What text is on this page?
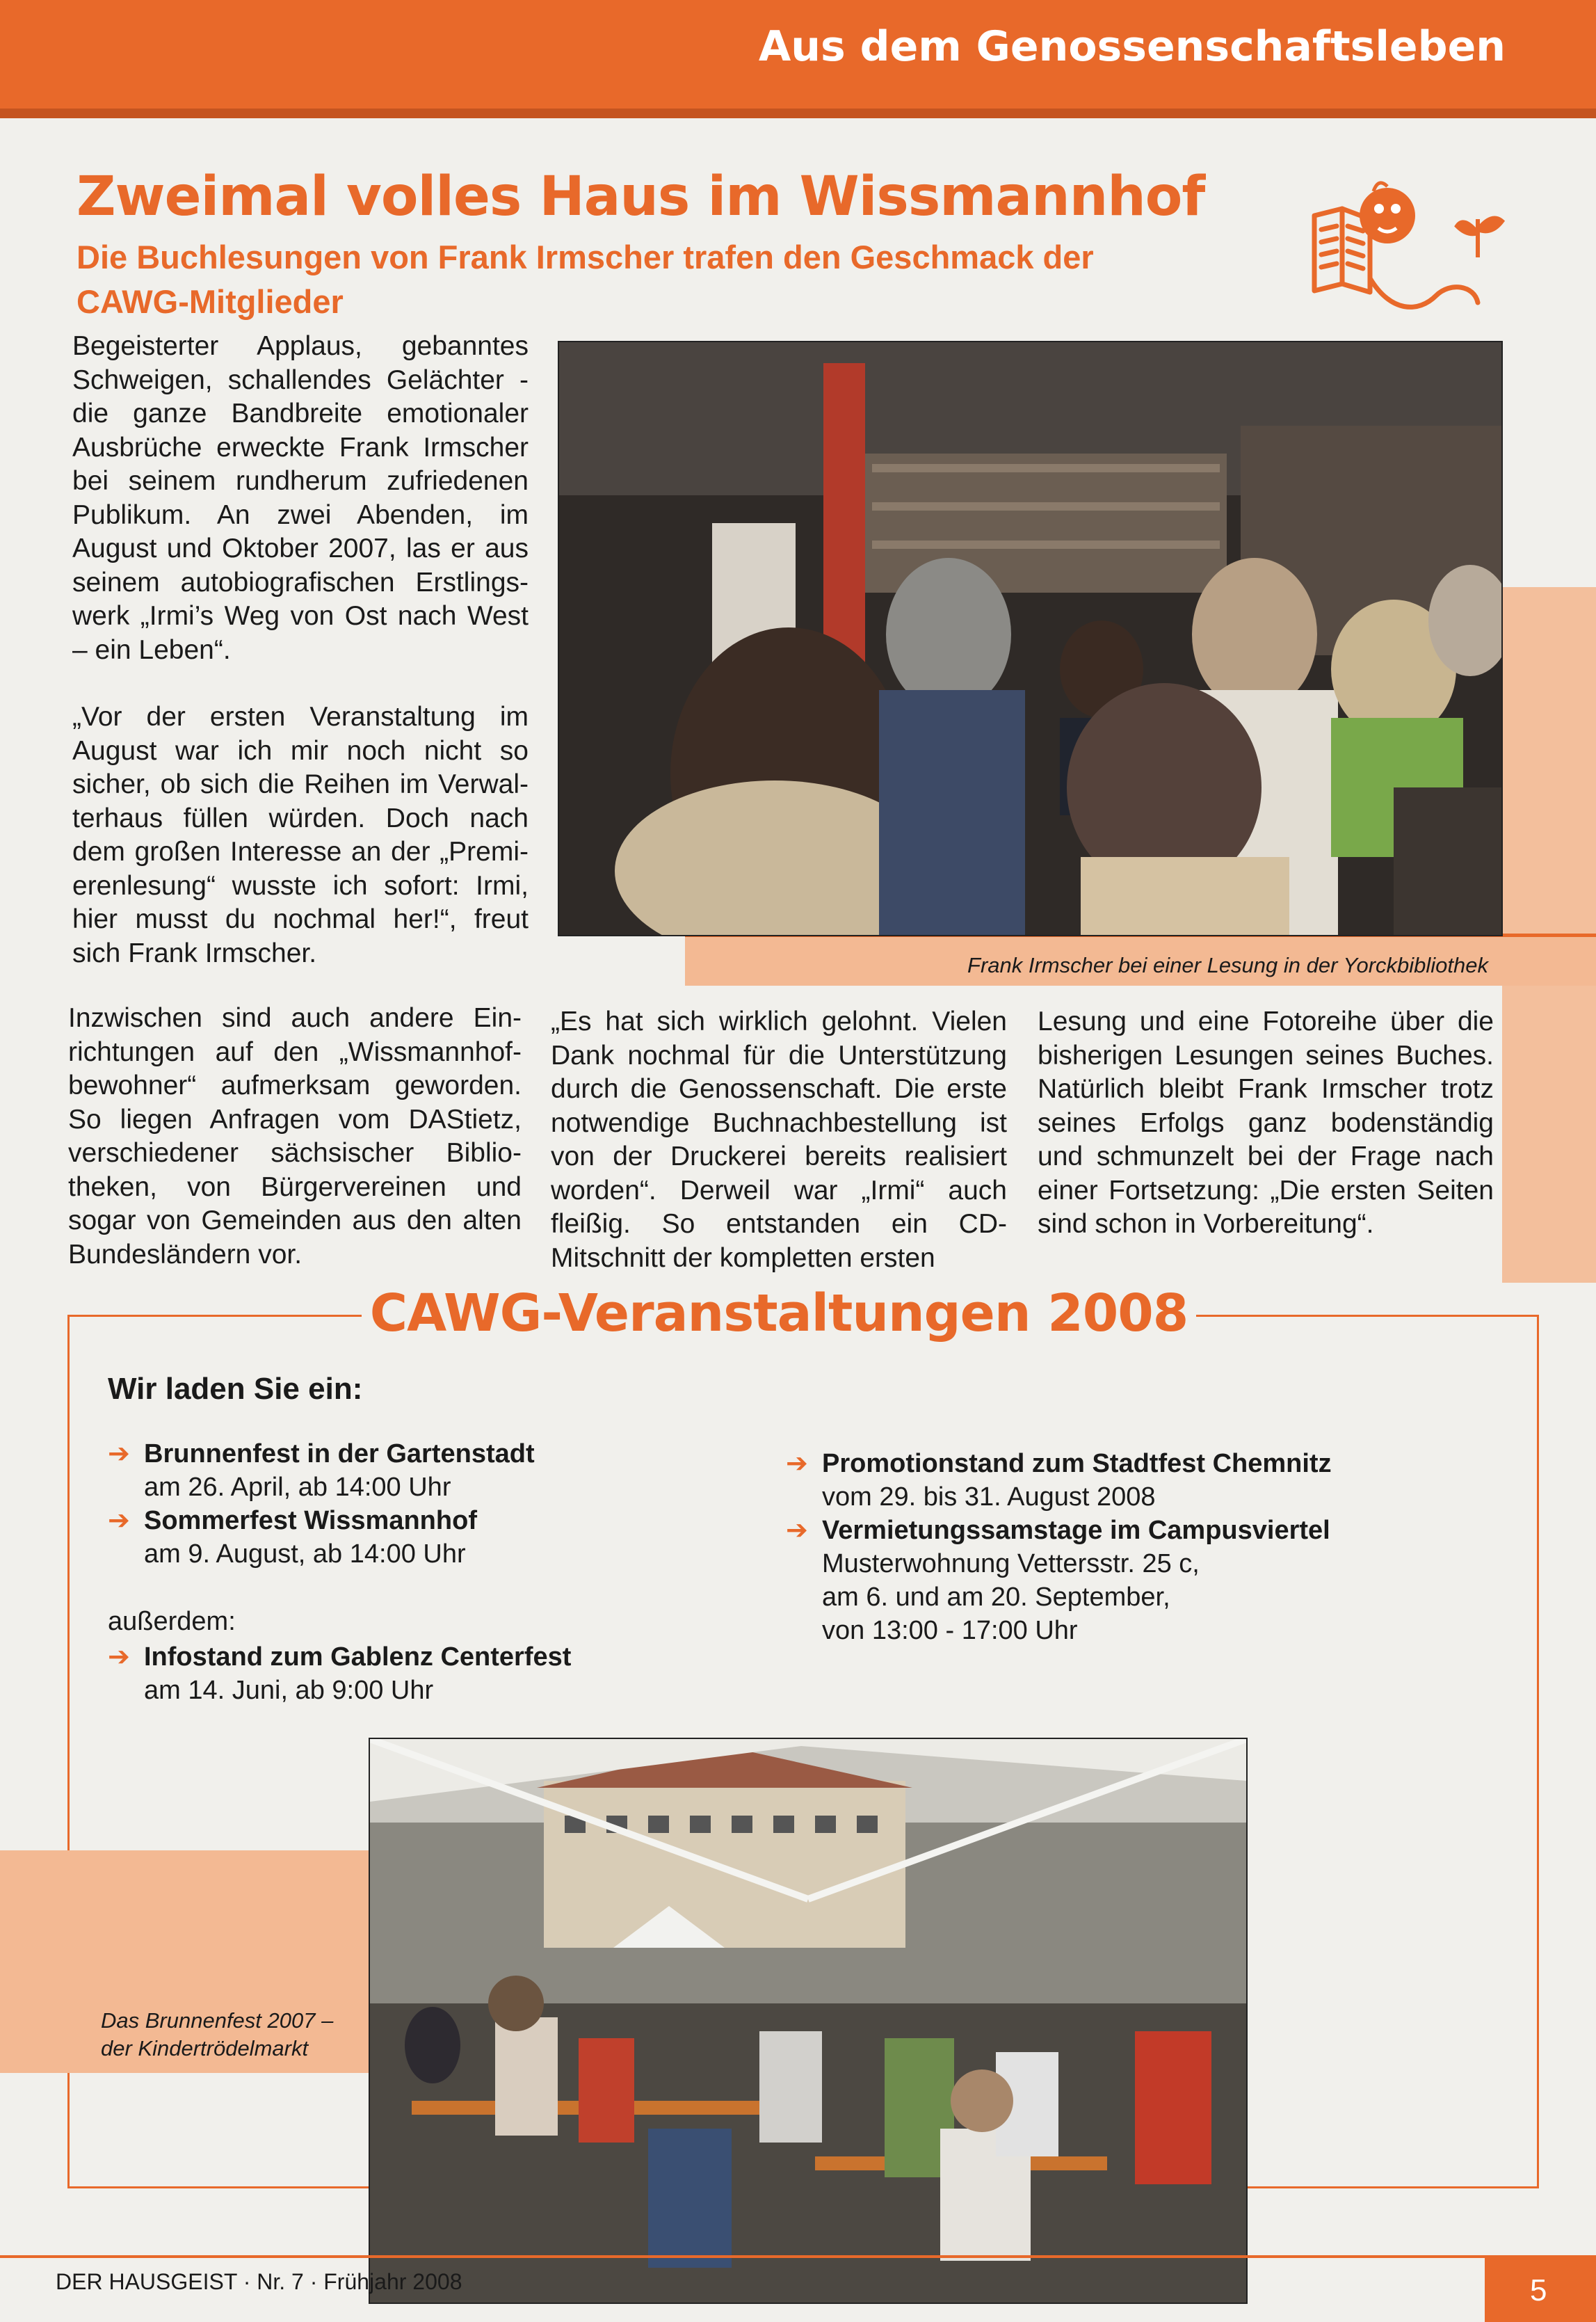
Aus dem Genossenschaftsleben
Zweimal volles Haus im Wissmannhof
Die Buchlesungen von Frank Irmscher trafen den Geschmack der CAWG-Mitglieder

Begeisterter Applaus, gebanntes Schweigen, schallendes Gelächter - die ganze Bandbreite emotionaler Ausbrüche erweckte Frank Irmscher bei seinem rundherum zufriedenen Publikum. An zwei Abenden, im August und Oktober 2007, las er aus seinem autobiografischen Erstlings-werk „Irmi’s Weg von Ost nach West – ein Leben“.

„Vor der ersten Veranstaltung im August war ich mir noch nicht so sicher, ob sich die Reihen im Verwal-terhaus füllen würden. Doch nach dem großen Interesse an der „Premi-erenlesung“ wusste ich sofort: Irmi, hier musst du nochmal her!“, freut sich Frank Irmscher.	Frank Irmscher bei einer Lesung in der Yorckbibliothek

Inzwischen sind auch andere Ein-richtungen auf den „Wissmannhof-bewohner“ aufmerksam geworden. So liegen Anfragen vom DAStietz, verschiedener sächsischer Biblio-theken, von Bürgervereinen und sogar von Gemeinden aus den alten Bundesländern vor.

„Es hat sich wirklich gelohnt. Vielen Dank nochmal für die Unterstützung durch die Genossenschaft. Die erste notwendige Buchnachbestellung ist von der Druckerei bereits realisiert worden“. Derweil war „Irmi“ auch fleißig. So entstanden ein CD-Mitschnitt der kompletten ersten

Lesung und eine Fotoreihe über die bisherigen Lesungen seines Buches. Natürlich bleibt Frank Irmscher trotz seines Erfolgs ganz bodenständig und schmunzelt bei der Frage nach einer Fortsetzung: „Die ersten Seiten sind schon in Vorbereitung“.

CAWG-Veranstaltungen 2008
Wir laden Sie ein:
➔ Brunnenfest in der Gartenstadt
am 26. April, ab 14:00 Uhr
➔ Sommerfest Wissmannhof
am 9. August, ab 14:00 Uhr
außerdem:
➔ Infostand zum Gablenz Centerfest
am 14. Juni, ab 9:00 Uhr
➔ Promotionstand zum Stadtfest Chemnitz
vom 29. bis 31. August 2008
➔ Vermietungssamstage im Campusviertel
Musterwohnung Vettersstr. 25 c,
am 6. und am 20. September,
von 13:00 - 17:00 Uhr
Das Brunnenfest 2007 –
der Kindertrödelmarkt
DER HAUSGEIST · Nr. 7 · Frühjahr 2008	5
